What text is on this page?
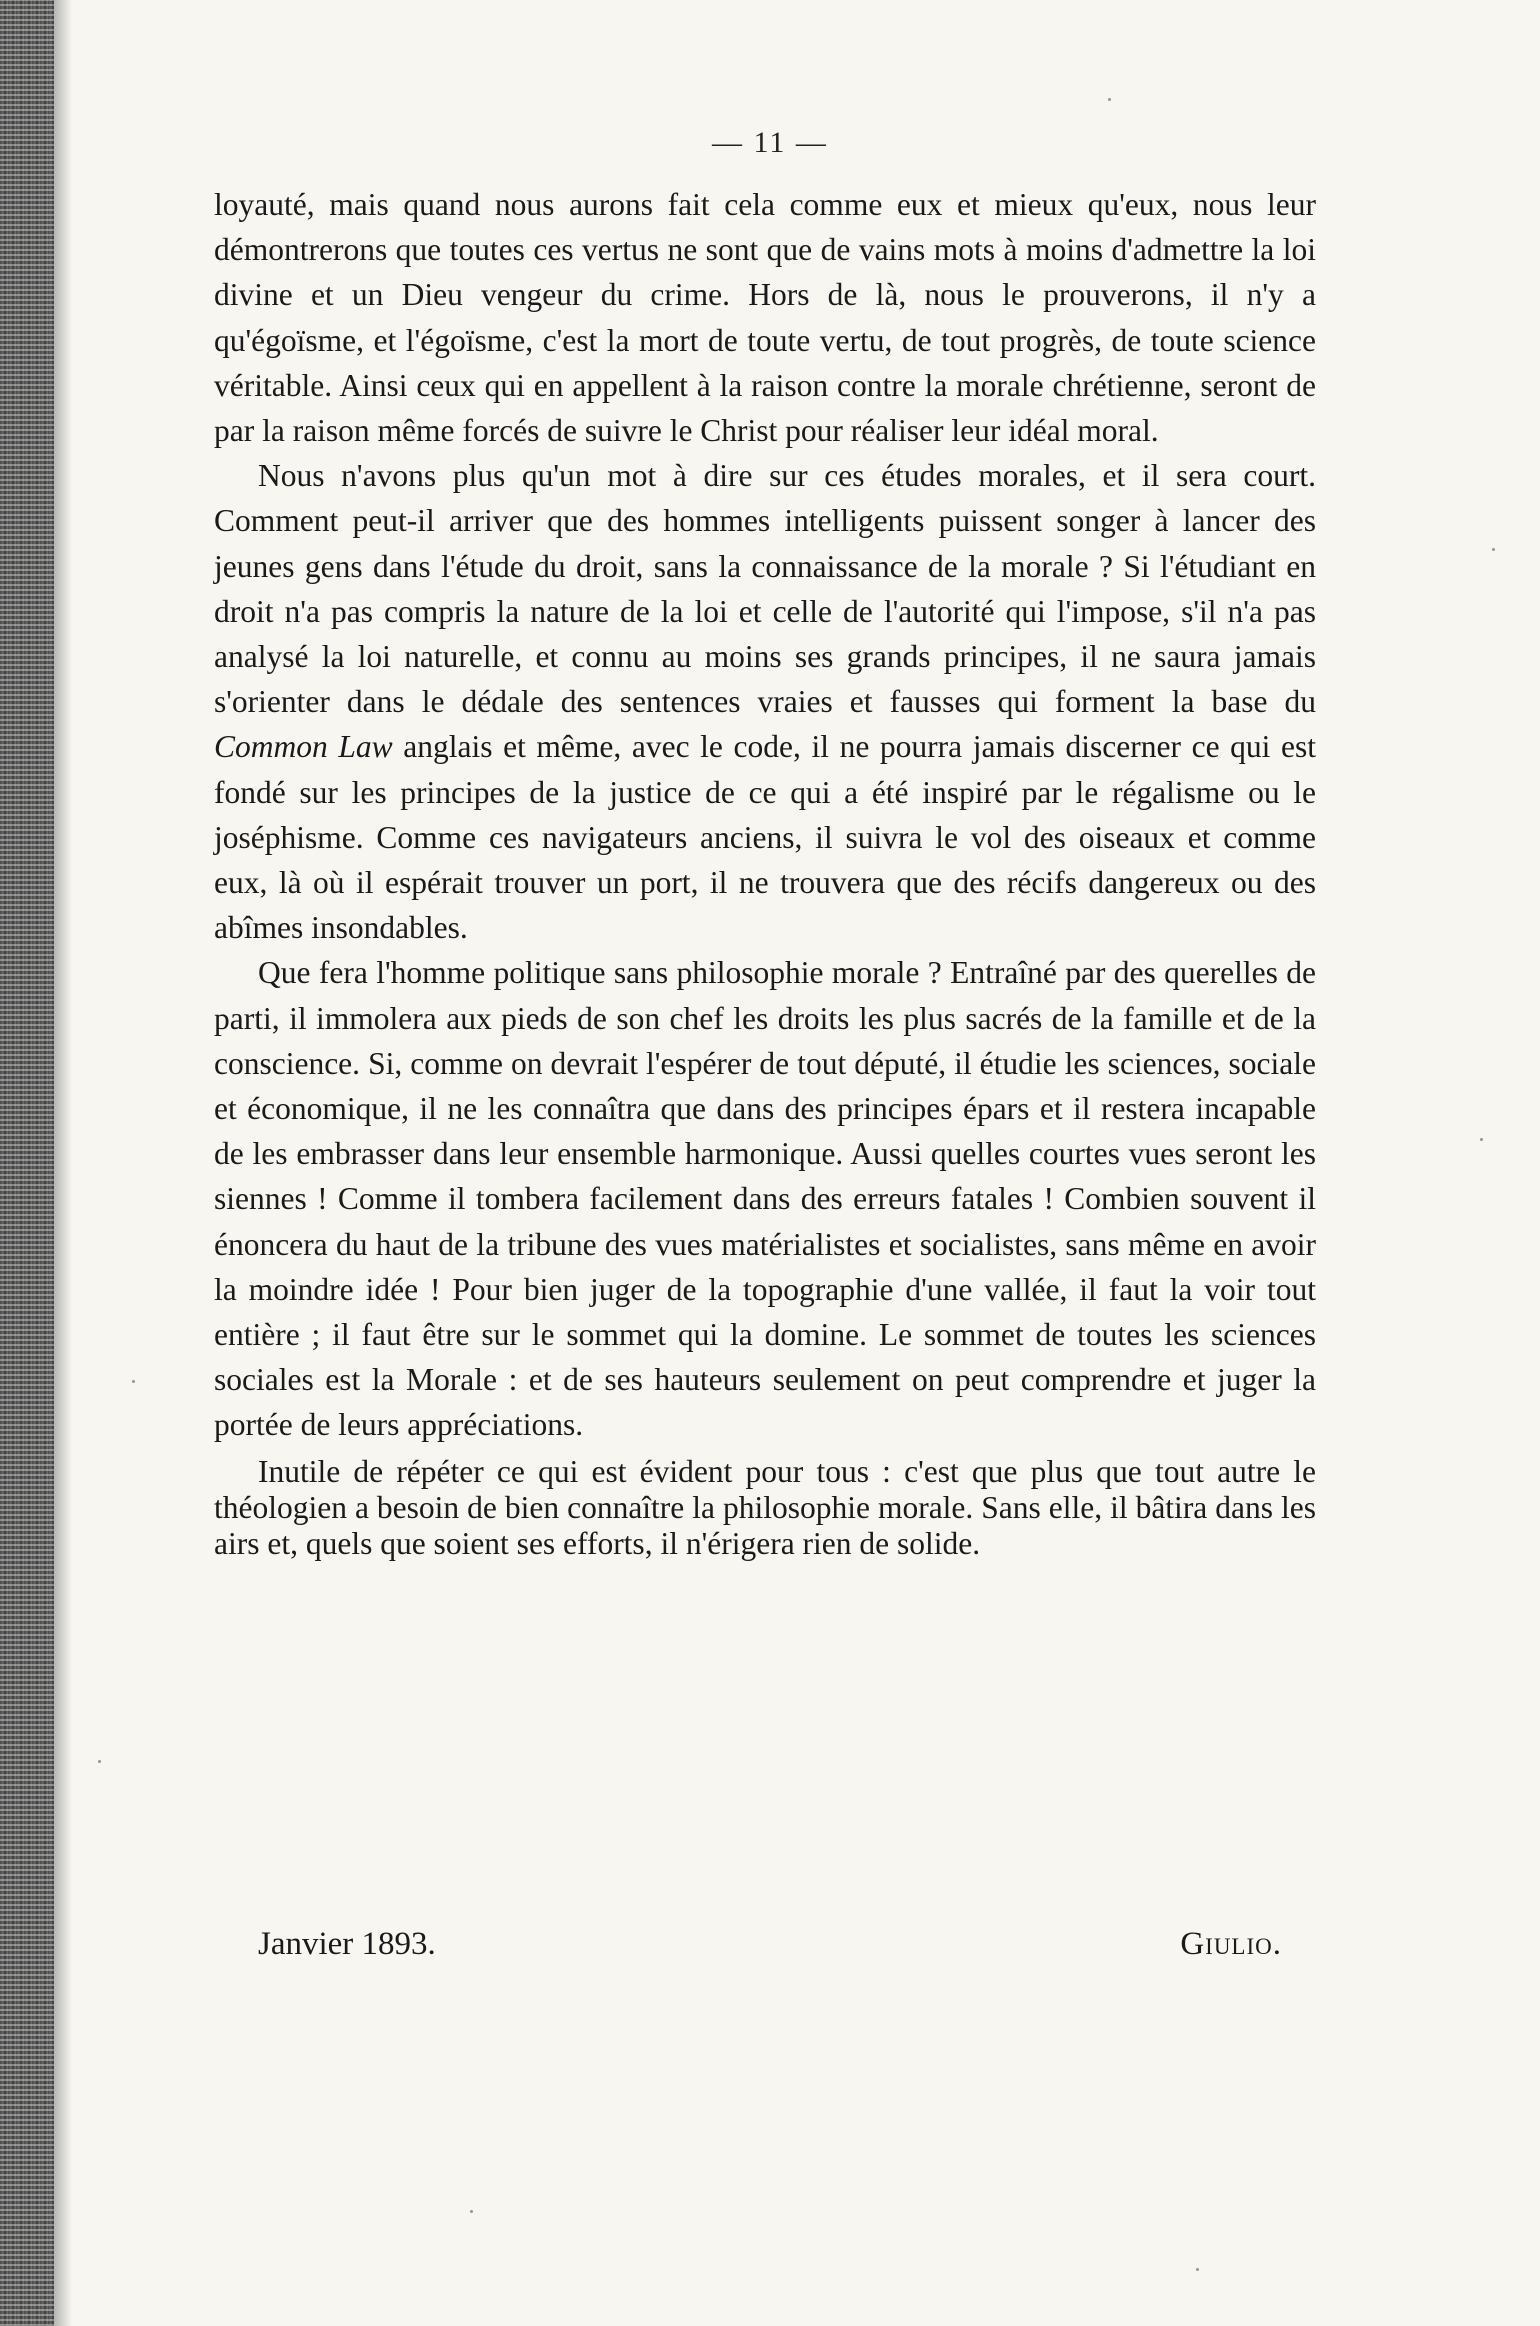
— 11 —

loyauté, mais quand nous aurons fait cela comme eux et mieux qu'eux, nous leur démontrerons que toutes ces vertus ne sont que de vains mots à moins d'admettre la loi divine et un Dieu vengeur du crime. Hors de là, nous le prouverons, il n'y a qu'égoïsme, et l'égoïsme, c'est la mort de toute vertu, de tout progrès, de toute science véritable. Ainsi ceux qui en appellent à la raison contre la morale chrétienne, seront de par la raison même forcés de suivre le Christ pour réaliser leur idéal moral.

Nous n'avons plus qu'un mot à dire sur ces études morales, et il sera court. Comment peut-il arriver que des hommes intelligents puissent songer à lancer des jeunes gens dans l'étude du droit, sans la connaissance de la morale ? Si l'étudiant en droit n'a pas compris la nature de la loi et celle de l'autorité qui l'impose, s'il n'a pas analysé la loi naturelle, et connu au moins ses grands principes, il ne saura jamais s'orienter dans le dédale des sentences vraies et fausses qui forment la base du Common Law anglais et même, avec le code, il ne pourra jamais discerner ce qui est fondé sur les principes de la justice de ce qui a été inspiré par le régalisme ou le joséphisme. Comme ces navigateurs anciens, il suivra le vol des oiseaux et comme eux, là où il espérait trouver un port, il ne trouvera que des récifs dangereux ou des abîmes insondables.

Que fera l'homme politique sans philosophie morale ? Entraîné par des querelles de parti, il immolera aux pieds de son chef les droits les plus sacrés de la famille et de la conscience. Si, comme on devrait l'espérer de tout député, il étudie les sciences, sociale et économique, il ne les connaîtra que dans des principes épars et il restera incapable de les embrasser dans leur ensemble harmonique. Aussi quelles courtes vues seront les siennes ! Comme il tombera facilement dans des erreurs fatales ! Combien souvent il énoncera du haut de la tribune des vues matérialistes et socialistes, sans même en avoir la moindre idée ! Pour bien juger de la topographie d'une vallée, il faut la voir tout entière ; il faut être sur le sommet qui la domine. Le sommet de toutes les sciences sociales est la Morale : et de ses hauteurs seulement on peut comprendre et juger la portée de leurs appréciations.

Inutile de répéter ce qui est évident pour tous : c'est que plus que tout autre le théologien a besoin de bien connaître la philosophie morale. Sans elle, il bâtira dans les airs et, quels que soient ses efforts, il n'érigera rien de solide.

Janvier 1893.	Giulio.
